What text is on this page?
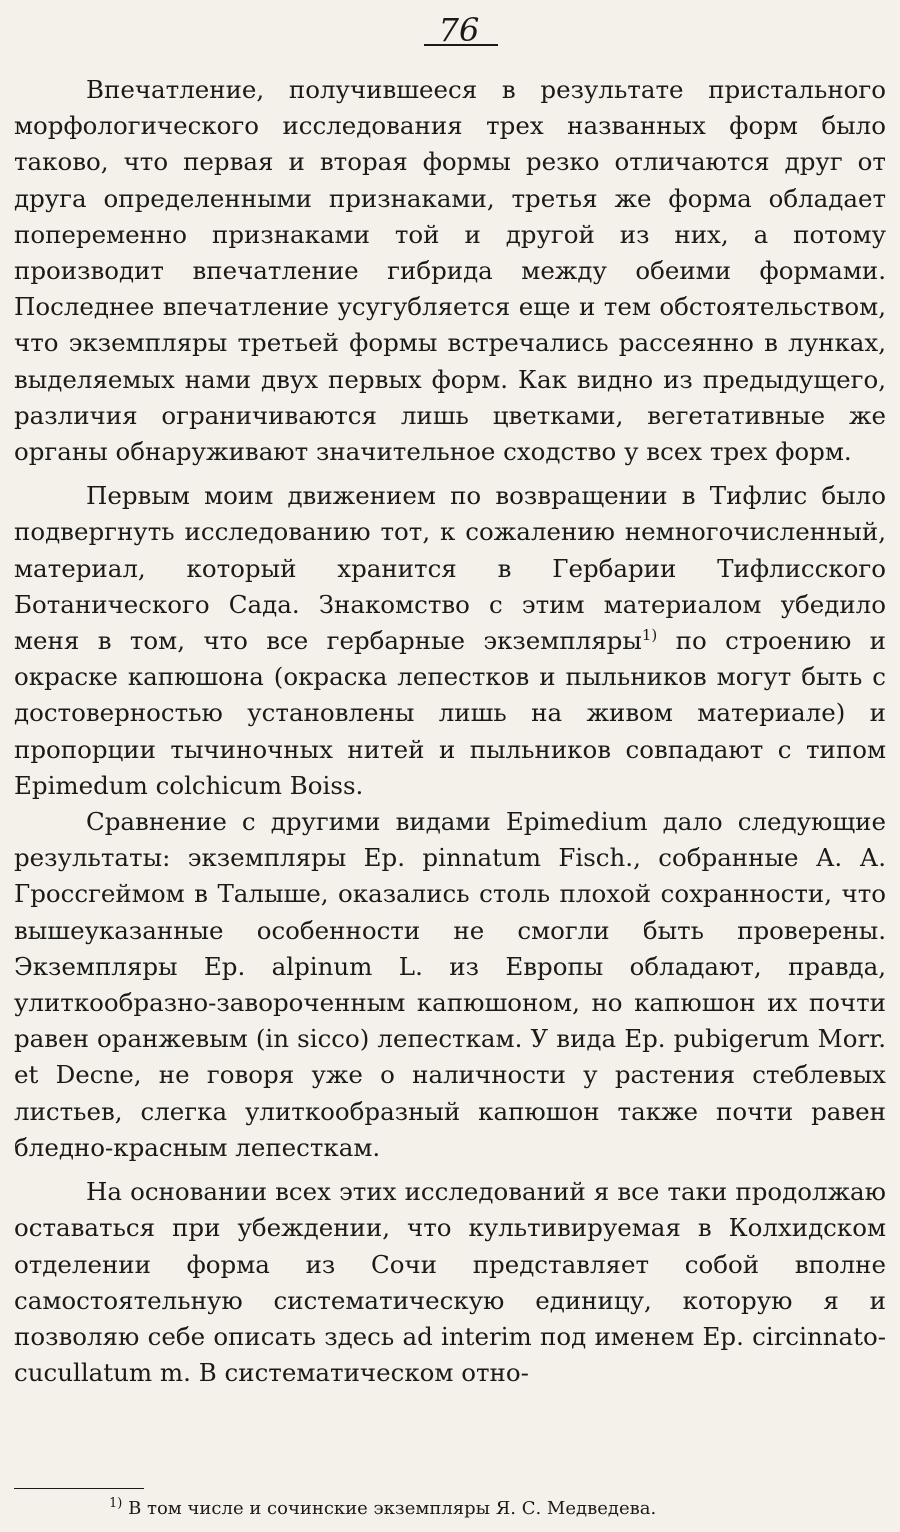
76

Впечатление, получившееся в результате пристального морфологического исследования трех названных форм было таково, что первая и вторая формы резко отличаются друг от друга определенными признаками, третья же форма обладает попеременно признаками той и другой из них, а потому производит впечатление гибрида между обеими формами. Последнее впечатление усугубляется еще и тем обстоятельством, что экземпляры третьей формы встречались рассеянно в лунках, выделяемых нами двух первых форм. Как видно из предыдущего, различия ограничиваются лишь цветками, вегетативные же органы обнаруживают значительное сходство у всех трех форм.

Первым моим движением по возвращении в Тифлис было подвергнуть исследованию тот, к сожалению немногочисленный, материал, который хранится в Гербарии Тифлисского Ботанического Сада. Знакомство с этим материалом убедило меня в том, что все гербарные экземпляры$^{1)}$ по строению и окраске капюшона (окраска лепестков и пыльников могут быть с достоверностью установлены лишь на живом материале) и пропорции тычиночных нитей и пыльников совпадают с типом Epimedum colchicum Boiss.

Сравнение с другими видами Epimedium дало следующие результаты: экземпляры Ep. pinnatum Fisch., собранные А. А. Гроссгеймом в Талыше, оказались столь плохой сохранности, что вышеуказанные особенности не смогли быть проверены. Экземпляры Ep. alpinum L. из Европы обладают, правда, улиткообразно-завороченным капюшоном, но капюшон их почти равен оранжевым (in sicco) лепесткам. У вида Ep. pubigerum Morr. et Decne, не говоря уже о наличности у растения стеблевых листьев, слегка улиткообразный капюшон также почти равен бледно-красным лепесткам.

На основании всех этих исследований я все таки продолжаю оставаться при убеждении, что культивируемая в Колхидском отделении форма из Сочи представляет собой вполне самостоятельную систематическую единицу, которую я и позволяю себе описать здесь ad interim под именем Ep. circinnato-cucullatum m. В систематическом отно-

$^{1)}$ В том числе и сочинские экземпляры Я. С. Медведева.
